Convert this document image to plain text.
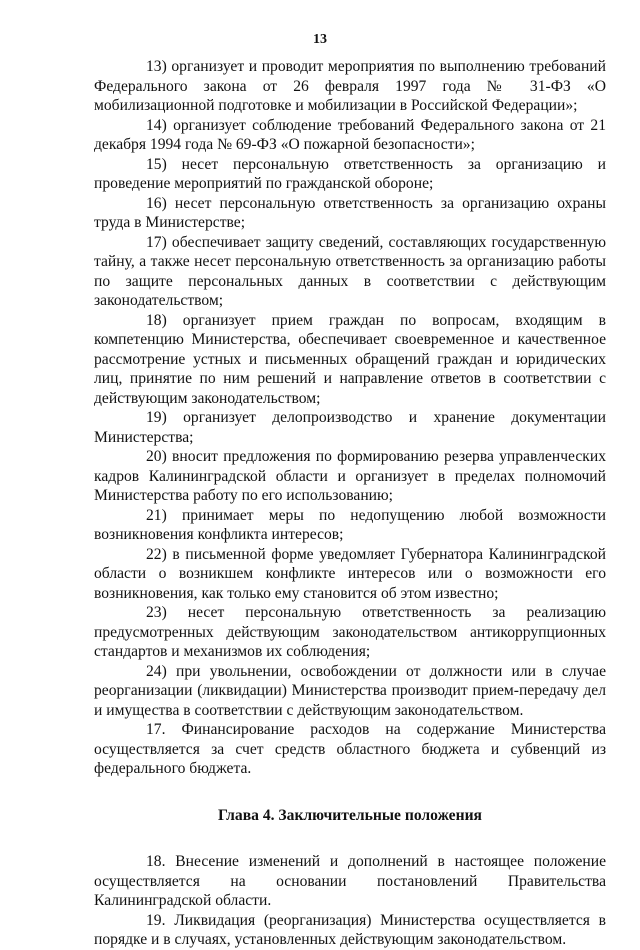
13

13) организует и проводит мероприятия по выполнению требований Федерального закона от 26 февраля 1997 года № 31-ФЗ «О мобилизационной подготовке и мобилизации в Российской Федерации»;

14) организует соблюдение требований Федерального закона от 21 декабря 1994 года № 69-ФЗ «О пожарной безопасности»;

15) несет персональную ответственность за организацию и проведение мероприятий по гражданской обороне;

16) несет персональную ответственность за организацию охраны труда в Министерстве;

17) обеспечивает защиту сведений, составляющих государственную тайну, а также несет персональную ответственность за организацию работы по защите персональных данных в соответствии с действующим законодательством;

18) организует прием граждан по вопросам, входящим в компетенцию Министерства, обеспечивает своевременное и качественное рассмотрение устных и письменных обращений граждан и юридических лиц, принятие по ним решений и направление ответов в соответствии с действующим законодательством;

19) организует делопроизводство и хранение документации Министерства;

20) вносит предложения по формированию резерва управленческих кадров Калининградской области и организует в пределах полномочий Министерства работу по его использованию;

21) принимает меры по недопущению любой возможности возникновения конфликта интересов;

22) в письменной форме уведомляет Губернатора Калининградской области о возникшем конфликте интересов или о возможности его возникновения, как только ему становится об этом известно;

23) несет персональную ответственность за реализацию предусмотренных действующим законодательством антикоррупционных стандартов и механизмов их соблюдения;

24) при увольнении, освобождении от должности или в случае реорганизации (ликвидации) Министерства производит прием-передачу дел и имущества в соответствии с действующим законодательством.

17. Финансирование расходов на содержание Министерства осуществляется за счет средств областного бюджета и субвенций из федерального бюджета.

Глава 4. Заключительные положения

18. Внесение изменений и дополнений в настоящее положение осуществляется на основании постановлений Правительства Калининградской области.

19. Ликвидация (реорганизация) Министерства осуществляется в порядке и в случаях, установленных действующим законодательством.
